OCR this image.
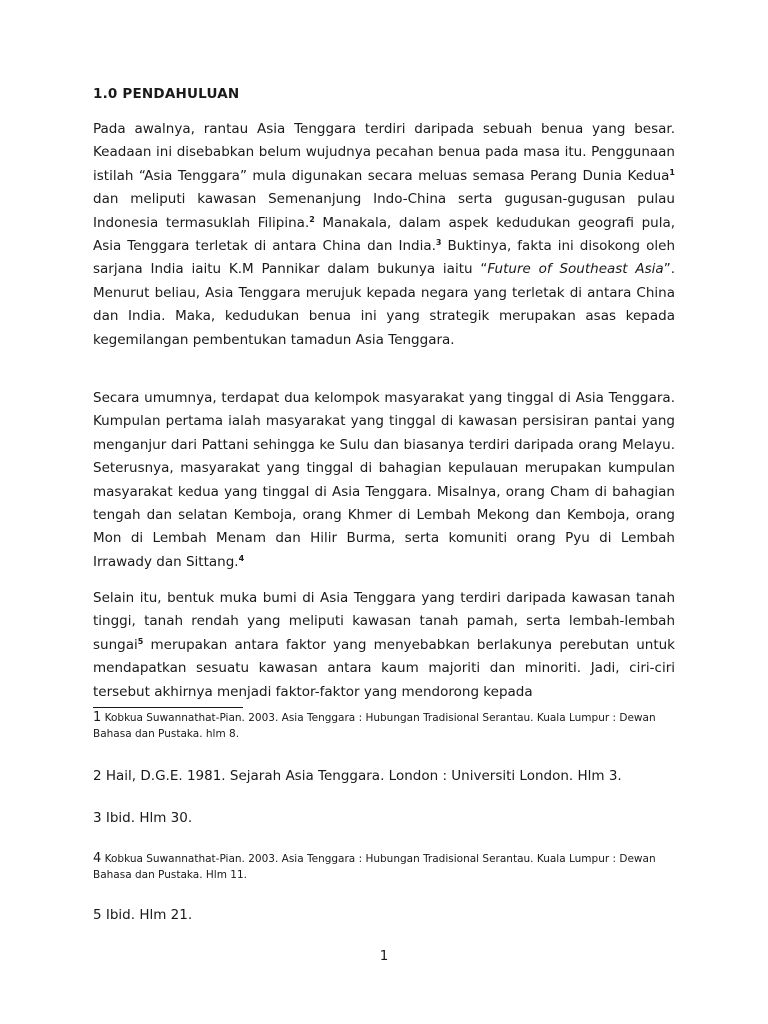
1.0 PENDAHULUAN

Pada awalnya, rantau Asia Tenggara terdiri daripada sebuah benua yang besar. Keadaan ini disebabkan belum wujudnya pecahan benua pada masa itu. Penggunaan istilah “Asia Tenggara” mula digunakan secara meluas semasa Perang Dunia Kedua$^1$ dan meliputi kawasan Semenanjung Indo-China serta gugusan-gugusan pulau Indonesia termasuklah Filipina.$^2$ Manakala, dalam aspek kedudukan geografi pula, Asia Tenggara terletak di antara China dan India.$^3$ Buktinya, fakta ini disokong oleh sarjana India iaitu K.M Pannikar dalam bukunya iaitu “Future of Southeast Asia”. Menurut beliau, Asia Tenggara merujuk kepada negara yang terletak di antara China dan India. Maka, kedudukan benua ini yang strategik merupakan asas kepada kegemilangan pembentukan tamadun Asia Tenggara.

Secara umumnya, terdapat dua kelompok masyarakat yang tinggal di Asia Tenggara. Kumpulan pertama ialah masyarakat yang tinggal di kawasan persisiran pantai yang menganjur dari Pattani sehingga ke Sulu dan biasanya terdiri daripada orang Melayu. Seterusnya, masyarakat yang tinggal di bahagian kepulauan merupakan kumpulan masyarakat kedua yang tinggal di Asia Tenggara. Misalnya, orang Cham di bahagian tengah dan selatan Kemboja, orang Khmer di Lembah Mekong dan Kemboja, orang Mon di Lembah Menam dan Hilir Burma, serta komuniti orang Pyu di Lembah Irrawady dan Sittang.$^4$

Selain itu, bentuk muka bumi di Asia Tenggara yang terdiri daripada kawasan tanah tinggi, tanah rendah yang meliputi kawasan tanah pamah, serta lembah-lembah sungai$^5$ merupakan antara faktor yang menyebabkan berlakunya perebutan untuk mendapatkan sesuatu kawasan antara kaum majoriti dan minoriti. Jadi, ciri-ciri tersebut akhirnya menjadi faktor-faktor yang mendorong kepada

1 Kobkua Suwannathat-Pian. 2003. Asia Tenggara : Hubungan Tradisional Serantau. Kuala Lumpur : Dewan Bahasa dan Pustaka. hlm 8.

2 Hail, D.G.E. 1981. Sejarah Asia Tenggara. London : Universiti London. Hlm 3.

3 Ibid. Hlm 30.

4 Kobkua Suwannathat-Pian. 2003. Asia Tenggara : Hubungan Tradisional Serantau. Kuala Lumpur : Dewan Bahasa dan Pustaka. Hlm 11.

5 Ibid. Hlm 21.

1
